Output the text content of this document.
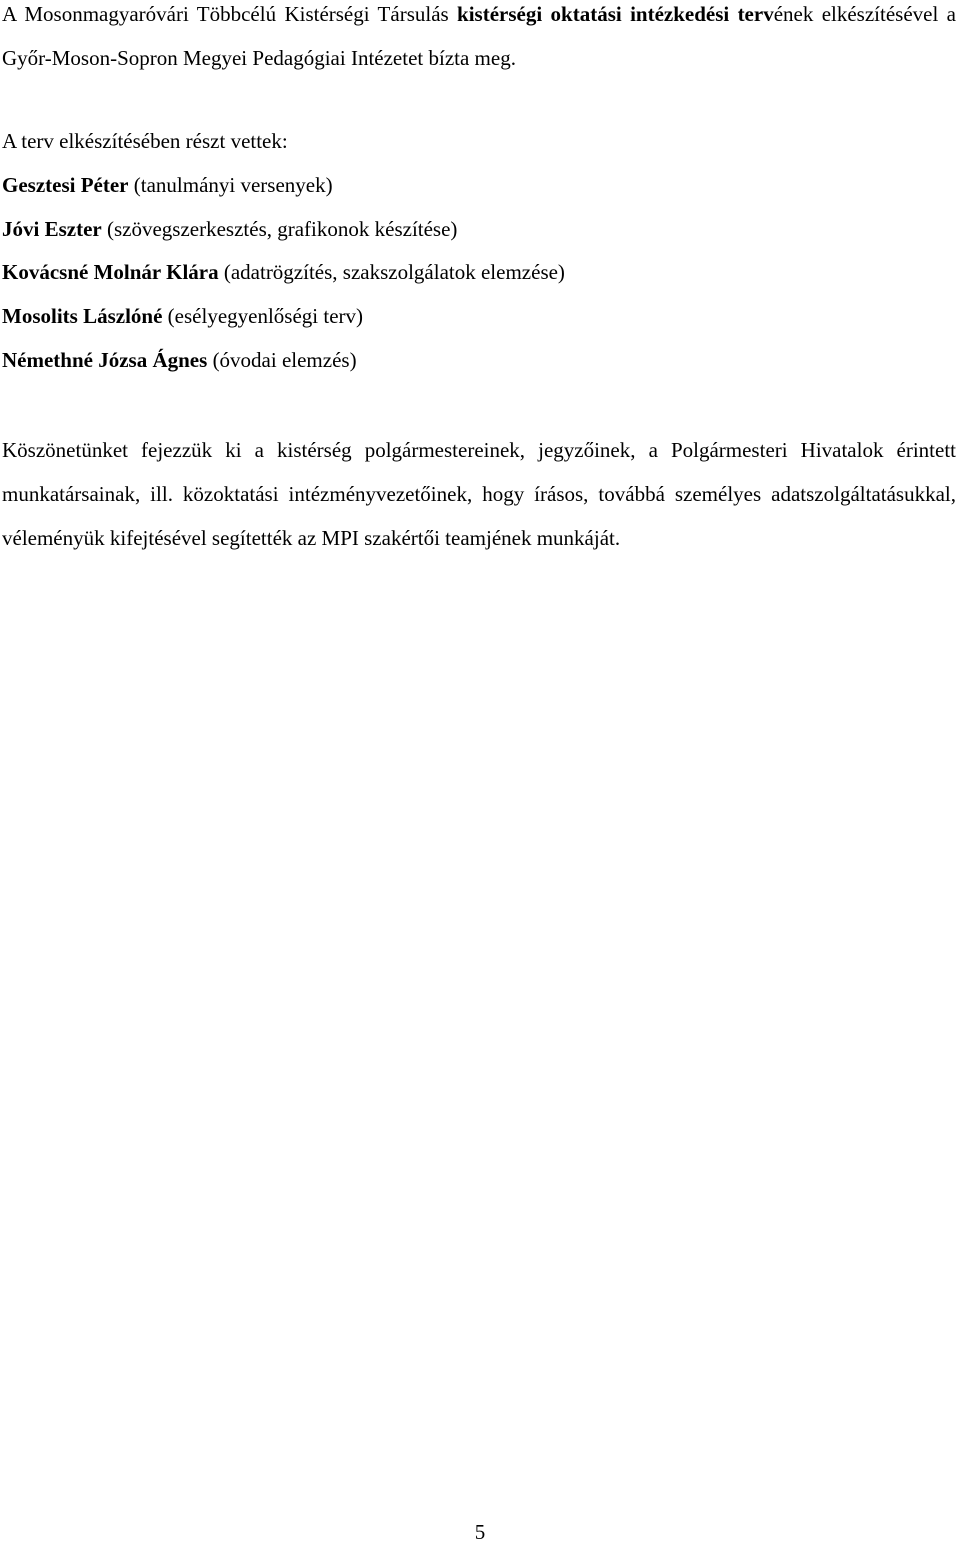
A Mosonmagyaróvári Többcélú Kistérségi Társulás kistérségi oktatási intézkedési tervének elkészítésével a Győr-Moson-Sopron Megyei Pedagógiai Intézetet bízta meg.

A terv elkészítésében részt vettek:

Gesztesi Péter (tanulmányi versenyek)

Jóvi Eszter (szövegszerkesztés, grafikonok készítése)

Kovácsné Molnár Klára (adatrögzítés, szakszolgálatok elemzése)

Mosolits Lászlóné (esélyegyenlőségi terv)

Némethné Józsa Ágnes (óvodai elemzés)

Köszönetünket fejezzük ki a kistérség polgármestereinek, jegyzőinek, a Polgármesteri Hivatalok érintett munkatársainak, ill. közoktatási intézményvezetőinek, hogy írásos, továbbá személyes adatszolgáltatásukkal, véleményük kifejtésével segítették az MPI szakértői teamjének munkáját.

5
